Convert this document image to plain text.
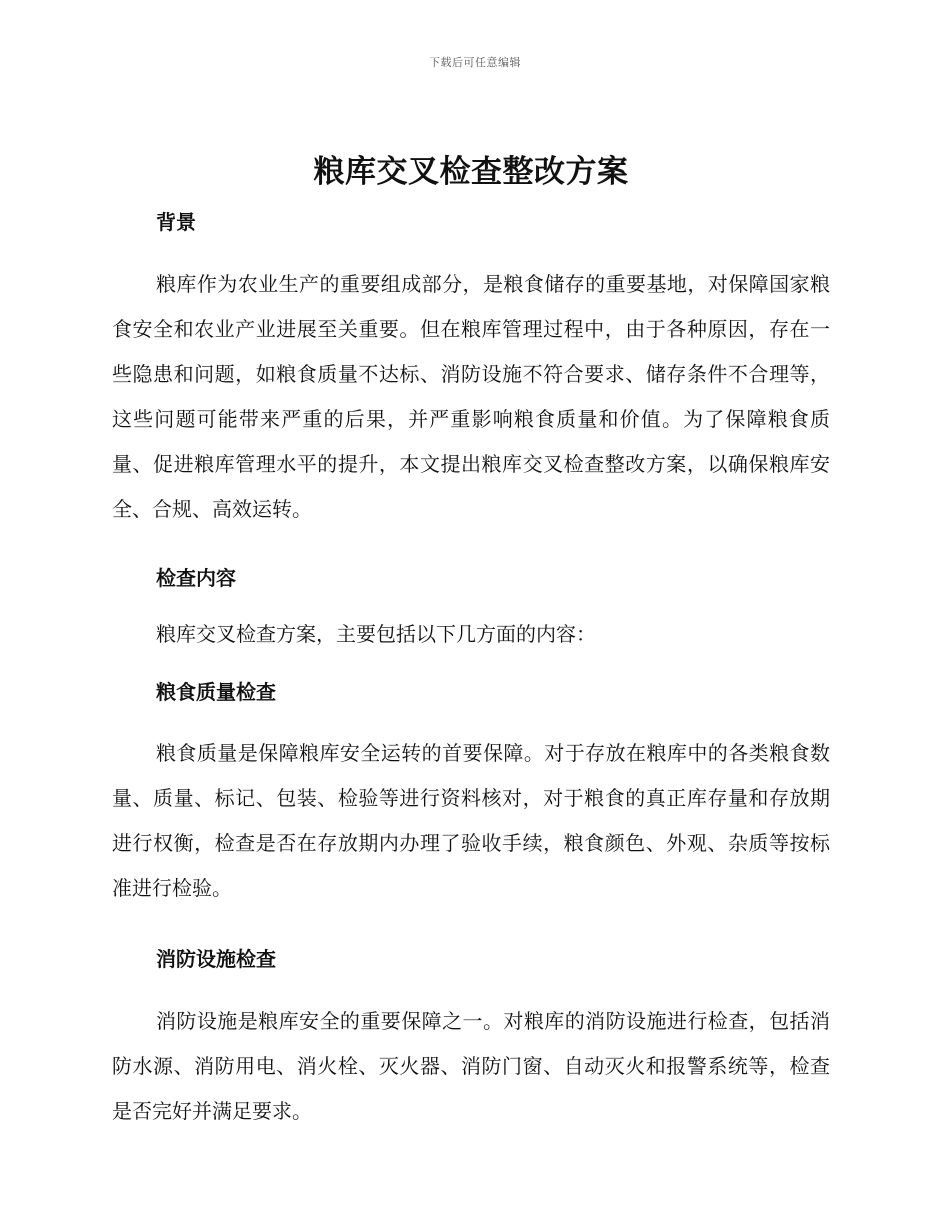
下载后可任意编辑
粮库交叉检查整改方案
背景

粮库作为农业生产的重要组成部分，是粮食储存的重要基地，对保障国家粮食安全和农业产业进展至关重要。但在粮库管理过程中，由于各种原因，存在一些隐患和问题，如粮食质量不达标、消防设施不符合要求、储存条件不合理等，这些问题可能带来严重的后果，并严重影响粮食质量和价值。为了保障粮食质量、促进粮库管理水平的提升，本文提出粮库交叉检查整改方案，以确保粮库安全、合规、高效运转。

检查内容

粮库交叉检查方案，主要包括以下几方面的内容：

粮食质量检查

粮食质量是保障粮库安全运转的首要保障。对于存放在粮库中的各类粮食数量、质量、标记、包装、检验等进行资料核对，对于粮食的真正库存量和存放期进行权衡，检查是否在存放期内办理了验收手续，粮食颜色、外观、杂质等按标准进行检验。

消防设施检查

消防设施是粮库安全的重要保障之一。对粮库的消防设施进行检查，包括消防水源、消防用电、消火栓、灭火器、消防门窗、自动灭火和报警系统等，检查是否完好并满足要求。
